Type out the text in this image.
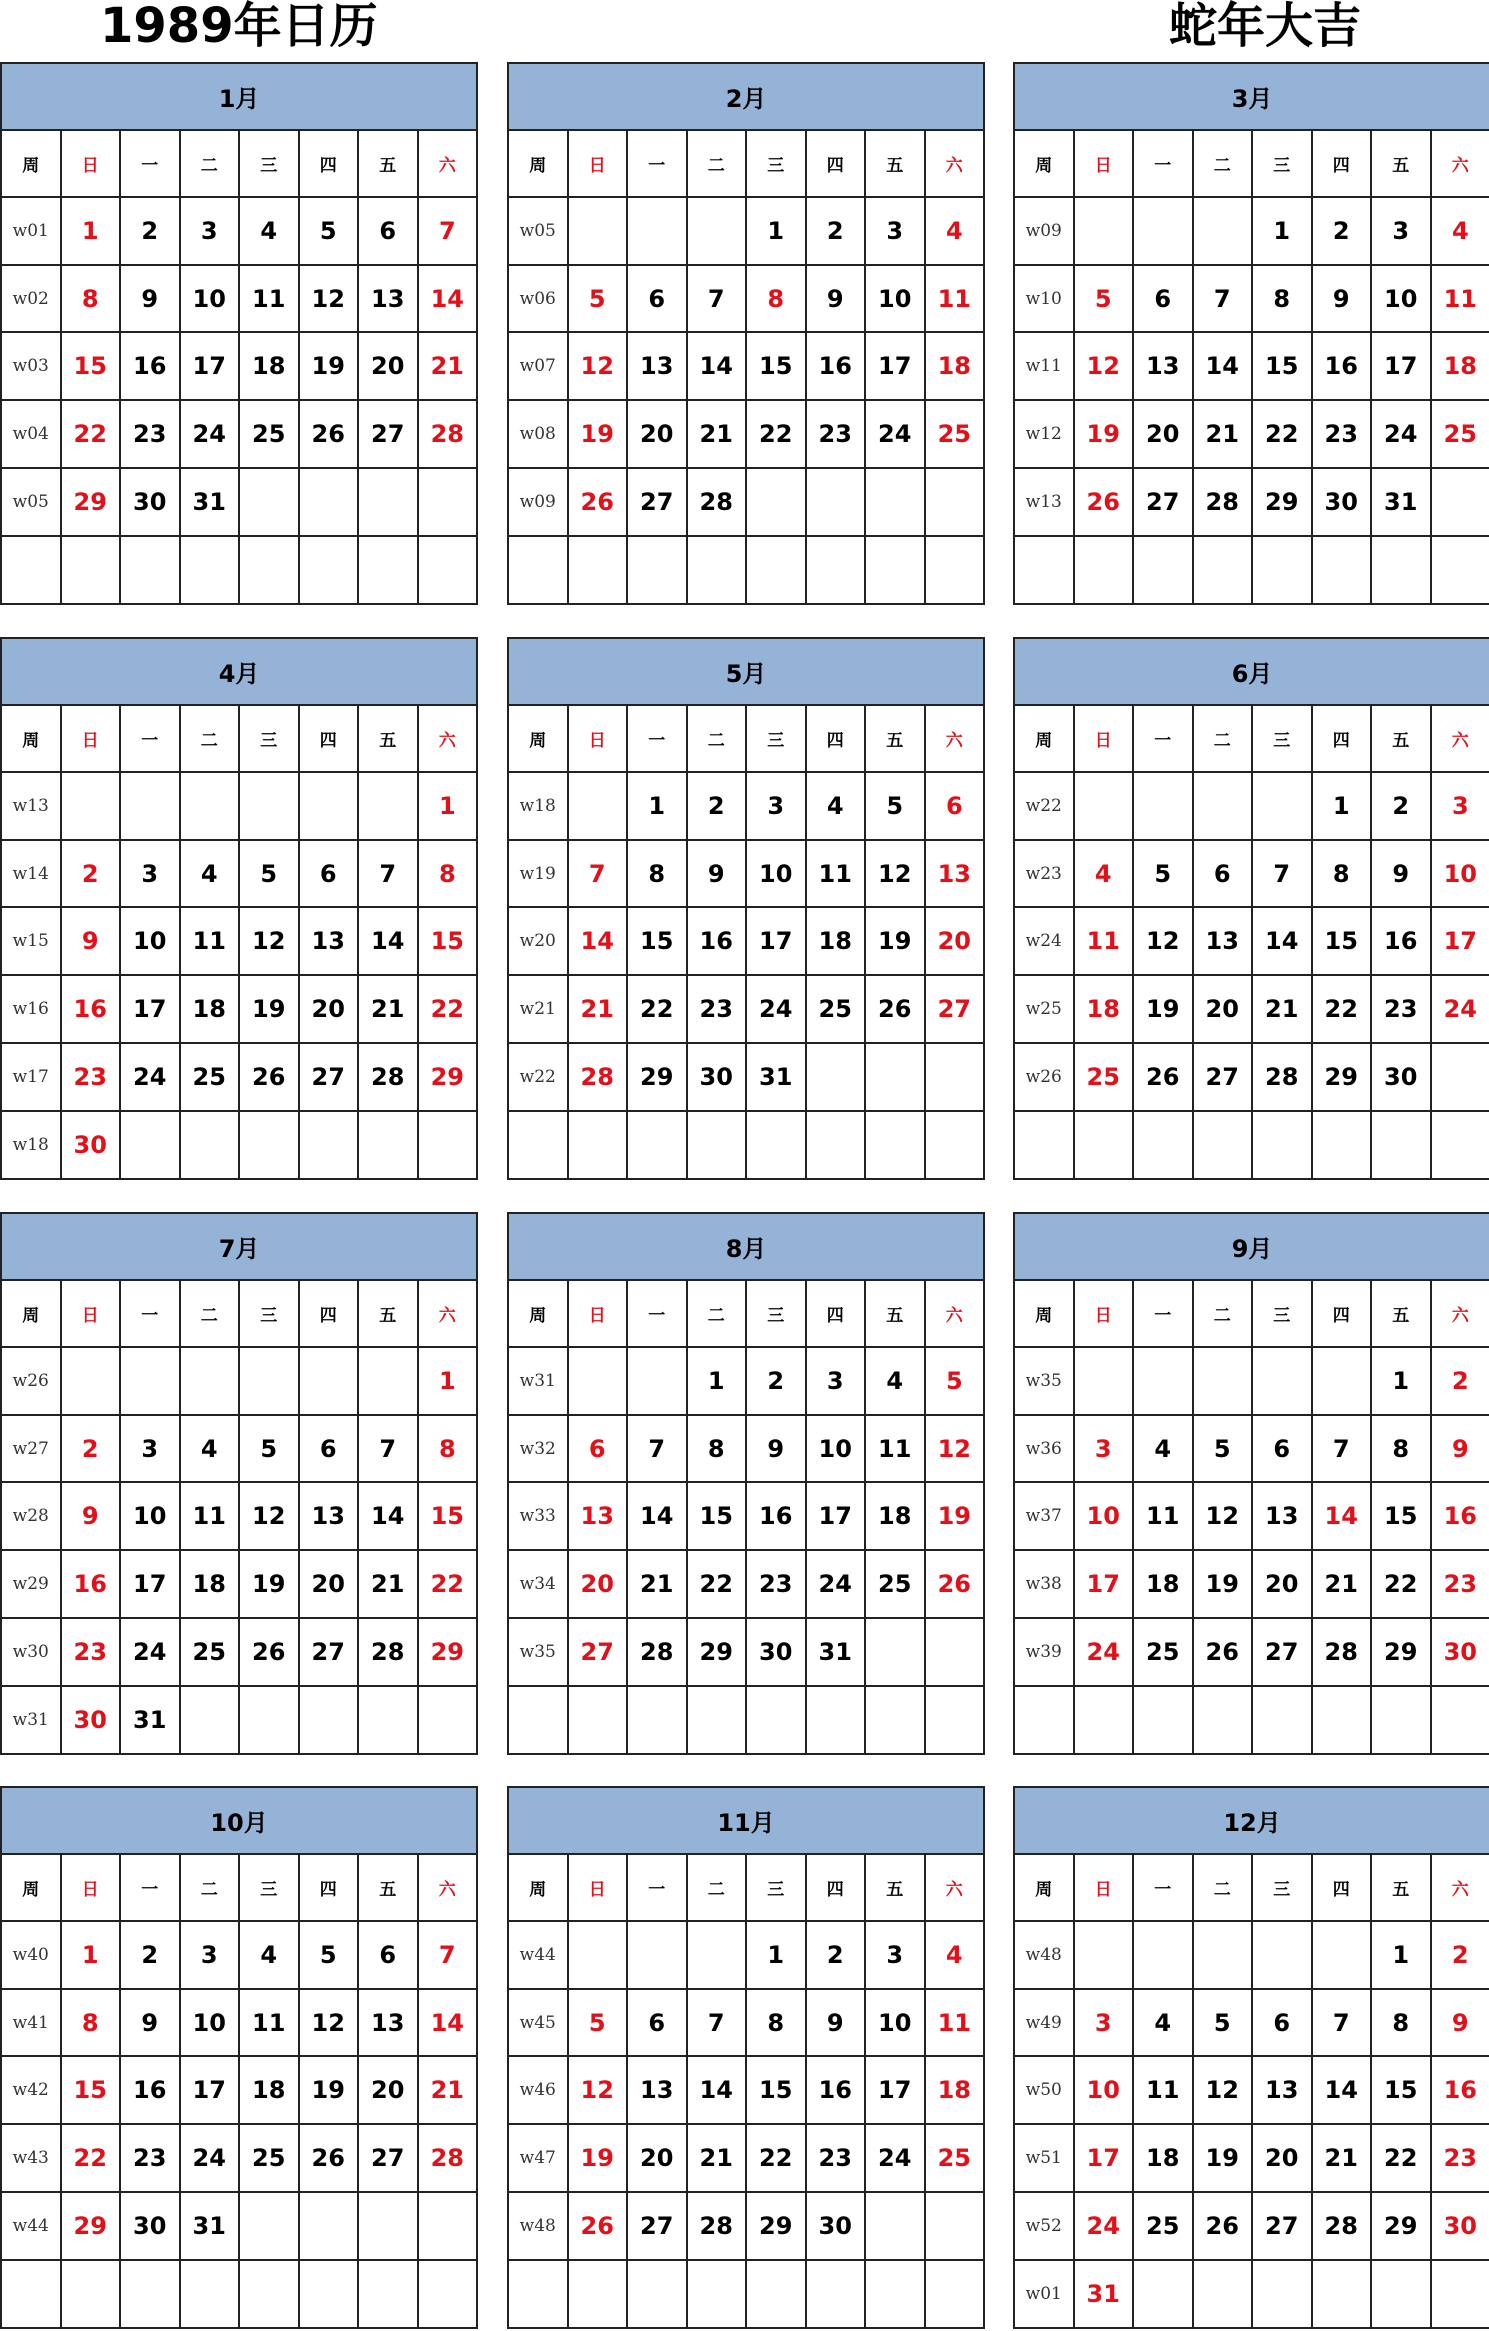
1989年日历	蛇年大吉
1月							
周	日	一	二	三	四	五	六
w01	1	2	3	4	5	6	7
w02	8	9	10	11	12	13	14
w03	15	16	17	18	19	20	21
w04	22	23	24	25	26	27	28
w05	29	30	31				

2月							
周	日	一	二	三	四	五	六
w05				1	2	3	4
w06	5	6	7	8	9	10	11
w07	12	13	14	15	16	17	18
w08	19	20	21	22	23	24	25
w09	26	27	28				

3月							
周	日	一	二	三	四	五	六
w09				1	2	3	4
w10	5	6	7	8	9	10	11
w11	12	13	14	15	16	17	18
w12	19	20	21	22	23	24	25
w13	26	27	28	29	30	31	

4月							
周	日	一	二	三	四	五	六
w13							1
w14	2	3	4	5	6	7	8
w15	9	10	11	12	13	14	15
w16	16	17	18	19	20	21	22
w17	23	24	25	26	27	28	29
w18	30						
5月							
周	日	一	二	三	四	五	六
w18		1	2	3	4	5	6
w19	7	8	9	10	11	12	13
w20	14	15	16	17	18	19	20
w21	21	22	23	24	25	26	27
w22	28	29	30	31			

6月							
周	日	一	二	三	四	五	六
w22					1	2	3
w23	4	5	6	7	8	9	10
w24	11	12	13	14	15	16	17
w25	18	19	20	21	22	23	24
w26	25	26	27	28	29	30	

7月							
周	日	一	二	三	四	五	六
w26							1
w27	2	3	4	5	6	7	8
w28	9	10	11	12	13	14	15
w29	16	17	18	19	20	21	22
w30	23	24	25	26	27	28	29
w31	30	31					
8月							
周	日	一	二	三	四	五	六
w31			1	2	3	4	5
w32	6	7	8	9	10	11	12
w33	13	14	15	16	17	18	19
w34	20	21	22	23	24	25	26
w35	27	28	29	30	31		

9月							
周	日	一	二	三	四	五	六
w35						1	2
w36	3	4	5	6	7	8	9
w37	10	11	12	13	14	15	16
w38	17	18	19	20	21	22	23
w39	24	25	26	27	28	29	30

10月							
周	日	一	二	三	四	五	六
w40	1	2	3	4	5	6	7
w41	8	9	10	11	12	13	14
w42	15	16	17	18	19	20	21
w43	22	23	24	25	26	27	28
w44	29	30	31				

11月							
周	日	一	二	三	四	五	六
w44				1	2	3	4
w45	5	6	7	8	9	10	11
w46	12	13	14	15	16	17	18
w47	19	20	21	22	23	24	25
w48	26	27	28	29	30		

12月							
周	日	一	二	三	四	五	六
w48						1	2
w49	3	4	5	6	7	8	9
w50	10	11	12	13	14	15	16
w51	17	18	19	20	21	22	23
w52	24	25	26	27	28	29	30
w01	31						
